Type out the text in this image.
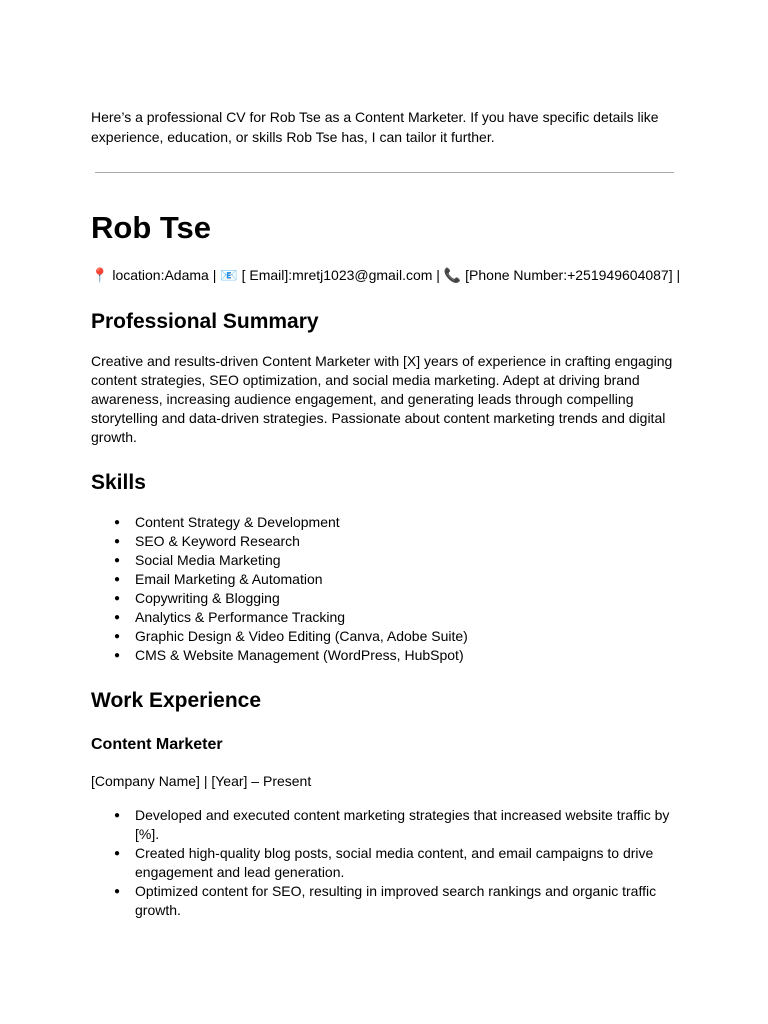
Here’s a professional CV for Rob Tse as a Content Marketer. If you have specific details like experience, education, or skills Rob Tse has, I can tailor it further.
Rob Tse
📍 location:Adama | 📧 [ Email]:mretj1023@gmail.com | 📞 [Phone Number:+251949604087] |
Professional Summary

Creative and results-driven Content Marketer with [X] years of experience in crafting engaging content strategies, SEO optimization, and social media marketing. Adept at driving brand awareness, increasing audience engagement, and generating leads through compelling storytelling and data-driven strategies. Passionate about content marketing trends and digital growth.

Skills
● Content Strategy & Development
● SEO & Keyword Research
● Social Media Marketing
● Email Marketing & Automation
● Copywriting & Blogging
● Analytics & Performance Tracking
● Graphic Design & Video Editing (Canva, Adobe Suite)
● CMS & Website Management (WordPress, HubSpot)
Work Experience
Content Marketer

[Company Name] | [Year] – Present

● Developed and executed content marketing strategies that increased website traffic by [%].
● Created high-quality blog posts, social media content, and email campaigns to drive engagement and lead generation.
● Optimized content for SEO, resulting in improved search rankings and organic traffic growth.
